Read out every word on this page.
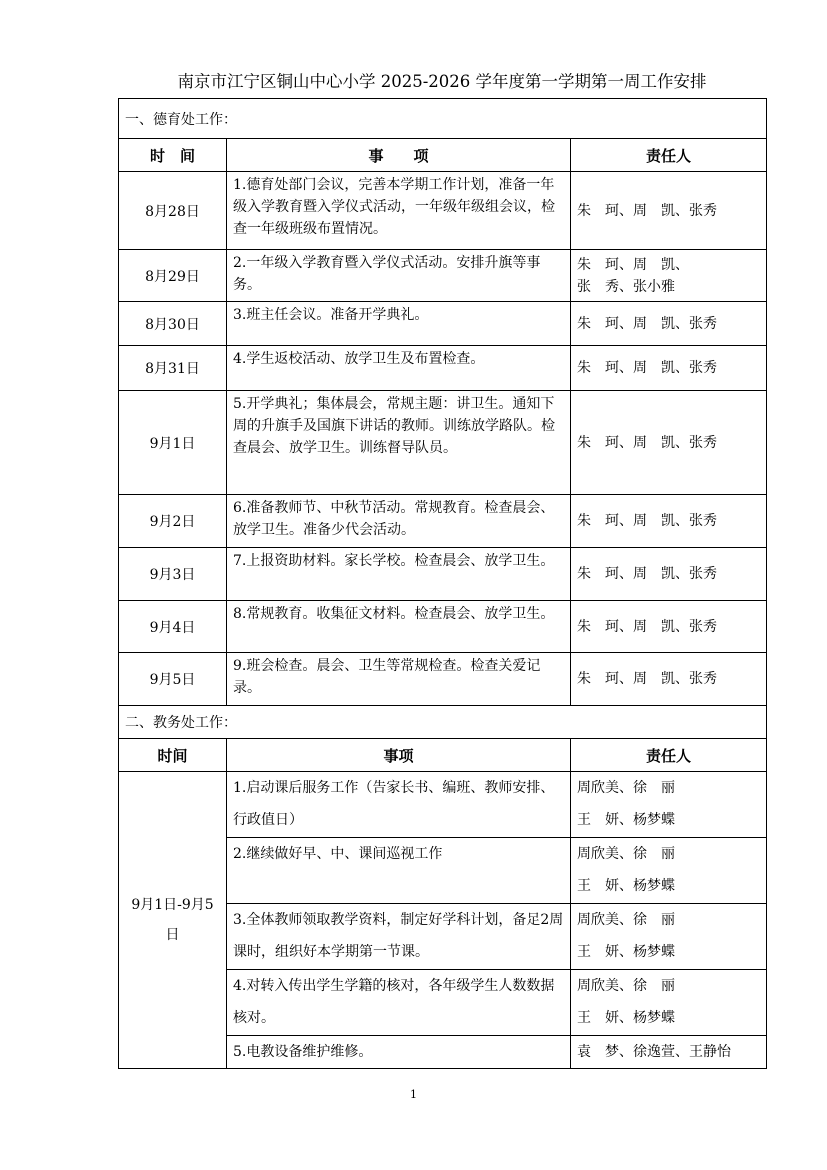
南京市江宁区铜山中心小学 2025-2026 学年度第一学期第一周工作安排
一、德育处工作：		
时　间	事　　项	责任人
8月28日	1.德育处部门会议，完善本学期工作计划，准备一年级入学教育暨入学仪式活动，一年级年级组会议，检查一年级班级布置情况。	朱　珂、周　凯、张秀
8月29日	2.一年级入学教育暨入学仪式活动。安排升旗等事务。	朱　珂、周　凯、
张　秀、张小雅
8月30日	3.班主任会议。准备开学典礼。	朱　珂、周　凯、张秀
8月31日	4.学生返校活动、放学卫生及布置检查。	朱　珂、周　凯、张秀
9月1日	5.开学典礼；集体晨会，常规主题：讲卫生。通知下周的升旗手及国旗下讲话的教师。训练放学路队。检查晨会、放学卫生。训练督导队员。	朱　珂、周　凯、张秀
9月2日	6.准备教师节、中秋节活动。常规教育。检查晨会、放学卫生。准备少代会活动。	朱　珂、周　凯、张秀
9月3日	7.上报资助材料。家长学校。检查晨会、放学卫生。	朱　珂、周　凯、张秀
9月4日	8.常规教育。收集征文材料。检查晨会、放学卫生。	朱　珂、周　凯、张秀
9月5日	9.班会检查。晨会、卫生等常规检查。检查关爱记录。	朱　珂、周　凯、张秀
二、教务处工作：		
时间	事项	责任人
9月1日-9月5日	1.启动课后服务工作（告家长书、编班、教师安排、行政值日）	周欣美、徐　丽
王　妍、杨梦蝶
	2.继续做好早、中、课间巡视工作	周欣美、徐　丽
王　妍、杨梦蝶
	3.全体教师领取教学资料，制定好学科计划，备足2周课时，组织好本学期第一节课。	周欣美、徐　丽
王　妍、杨梦蝶
	4.对转入传出学生学籍的核对，各年级学生人数数据核对。	周欣美、徐　丽
王　妍、杨梦蝶
	5.电教设备维护维修。	袁　梦、徐逸萱、王静怡
1
